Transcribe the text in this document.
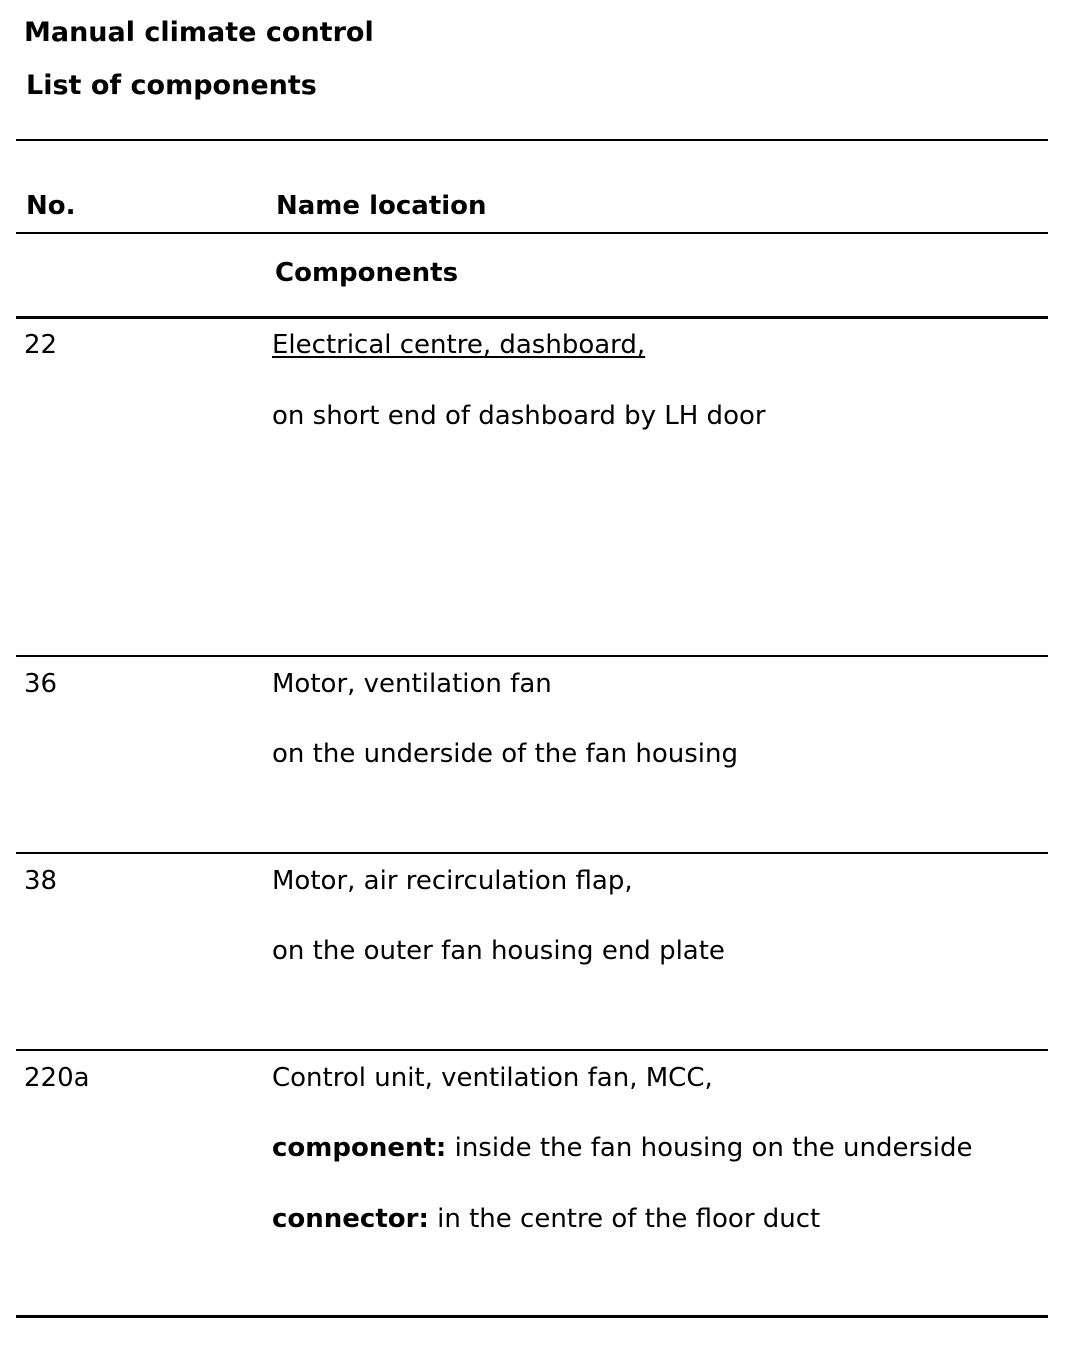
Manual climate control
List of components
No.	Name location
Components
22	Electrical centre, dashboard,
on short end of dashboard by LH door
36	Motor, ventilation fan
on the underside of the fan housing
38	Motor, air recirculation flap,
on the outer fan housing end plate
220a	Control unit, ventilation fan, MCC,
component: inside the fan housing on the underside
connector: in the centre of the floor duct
